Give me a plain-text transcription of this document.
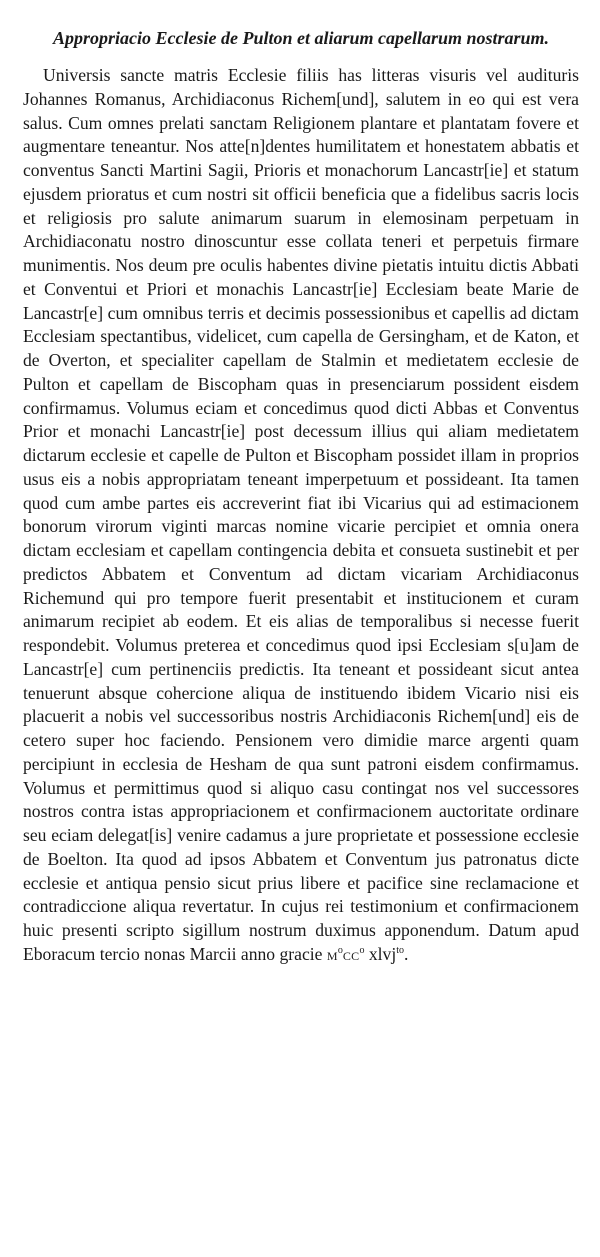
Appropriacio Ecclesie de Pulton et aliarum capellarum nostrarum.

Universis sancte matris Ecclesie filiis has litteras visuris vel audituris Johannes Romanus, Archidiaconus Richem[und], salutem in eo qui est vera salus. Cum omnes prelati sanctam Religionem plantare et plantatam fovere et augmentare teneantur. Nos atte[n]dentes humilitatem et honestatem abbatis et conventus Sancti Martini Sagii, Prioris et monachorum Lancastr[ie] et statum ejusdem prioratus et cum nostri sit officii beneficia que a fidelibus sacris locis et religiosis pro salute animarum suarum in elemosinam perpetuam in Archidiaconatu nostro dinoscuntur esse collata teneri et perpetuis firmare munimentis. Nos deum pre oculis habentes divine pietatis intuitu dictis Abbati et Conventui et Priori et monachis Lancastr[ie] Ecclesiam beate Marie de Lancastr[e] cum omnibus terris et decimis possessionibus et capellis ad dictam Ecclesiam spectantibus, videlicet, cum capella de Gersingham, et de Katon, et de Overton, et specialiter capellam de Stalmin et medietatem ecclesie de Pulton et capellam de Biscopham quas in presenciarum possident eisdem confirmamus. Volumus eciam et concedimus quod dicti Abbas et Conventus Prior et monachi Lancastr[ie] post decessum illius qui aliam medietatem dictarum ecclesie et capelle de Pulton et Biscopham possidet illam in proprios usus eis a nobis appropriatam teneant imperpetuum et possideant. Ita tamen quod cum ambe partes eis accreverint fiat ibi Vicarius qui ad estimacionem bonorum virorum viginti marcas nomine vicarie percipiet et omnia onera dictam ecclesiam et capellam contingencia debita et consueta sustinebit et per predictos Abbatem et Conventum ad dictam vicariam Archidiaconus Richemund qui pro tempore fuerit presentabit et institucionem et curam animarum recipiet ab eodem. Et eis alias de temporalibus si necesse fuerit respondebit. Volumus preterea et concedimus quod ipsi Ecclesiam s[u]am de Lancastr[e] cum pertinenciis predictis. Ita teneant et possideant sicut antea tenuerunt absque cohercione aliqua de instituendo ibidem Vicario nisi eis placuerit a nobis vel successoribus nostris Archidiaconis Richem[und] eis de cetero super hoc faciendo. Pensionem vero dimidie marce argenti quam percipiunt in ecclesia de Hesham de qua sunt patroni eisdem confirmamus. Volumus et permittimus quod si aliquo casu contingat nos vel successores nostros contra istas appropriacionem et confirmacionem auctoritate ordinare seu eciam delegat[is] venire cadamus a jure proprietate et possessione ecclesie de Boelton. Ita quod ad ipsos Abbatem et Conventum jus patronatus dicte ecclesie et antiqua pensio sicut prius libere et pacifice sine reclamacione et contradiccione aliqua revertatur. In cujus rei testimonium et confirmacionem huic presenti scripto sigillum nostrum duximus apponendum. Datum apud Eboracum tercio nonas Marcii anno gracie $M^oCC^o$ xlvj$^{to}$.
